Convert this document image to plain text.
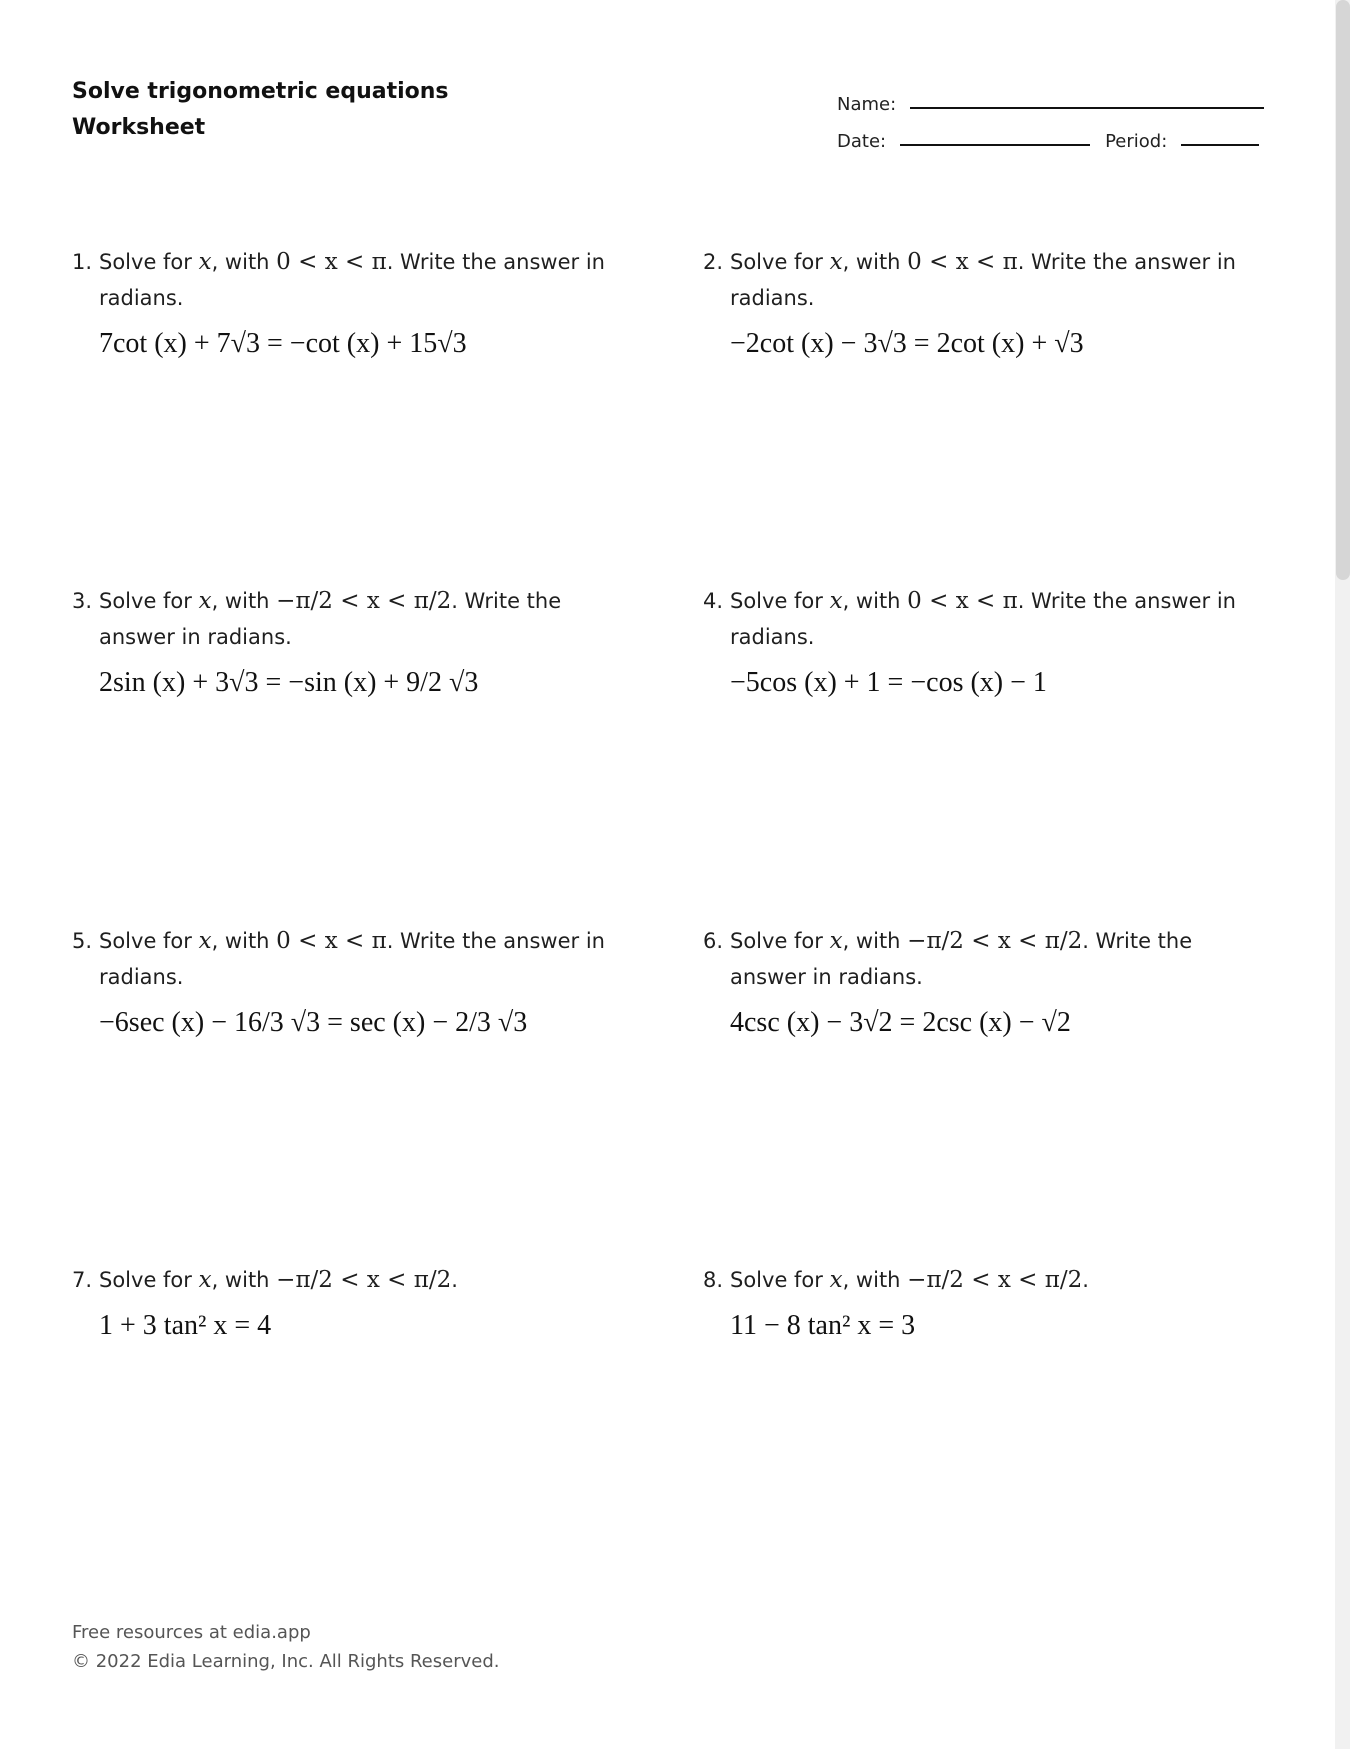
Solve trigonometric equations
Worksheet
Name:
Date:	Period:
1. Solve for x, with 0 < x < π. Write the answer in radians.
7cot (x) + 7√3 = −cot (x) + 15√3
2. Solve for x, with 0 < x < π. Write the answer in radians.
−2cot (x) − 3√3 = 2cot (x) + √3
3. Solve for x, with −π/2 < x < π/2. Write the answer in radians.
2sin (x) + 3√3 = −sin (x) + 9/2 √3
4. Solve for x, with 0 < x < π. Write the answer in radians.
−5cos (x) + 1 = −cos (x) − 1
5. Solve for x, with 0 < x < π. Write the answer in radians.
−6sec (x) − 16/3 √3 = sec (x) − 2/3 √3
6. Solve for x, with −π/2 < x < π/2. Write the answer in radians.
4csc (x) − 3√2 = 2csc (x) − √2
7. Solve for x, with −π/2 < x < π/2.
1 + 3 tan² x = 4
8. Solve for x, with −π/2 < x < π/2.
11 − 8 tan² x = 3
Free resources at edia.app
© 2022 Edia Learning, Inc. All Rights Reserved.
